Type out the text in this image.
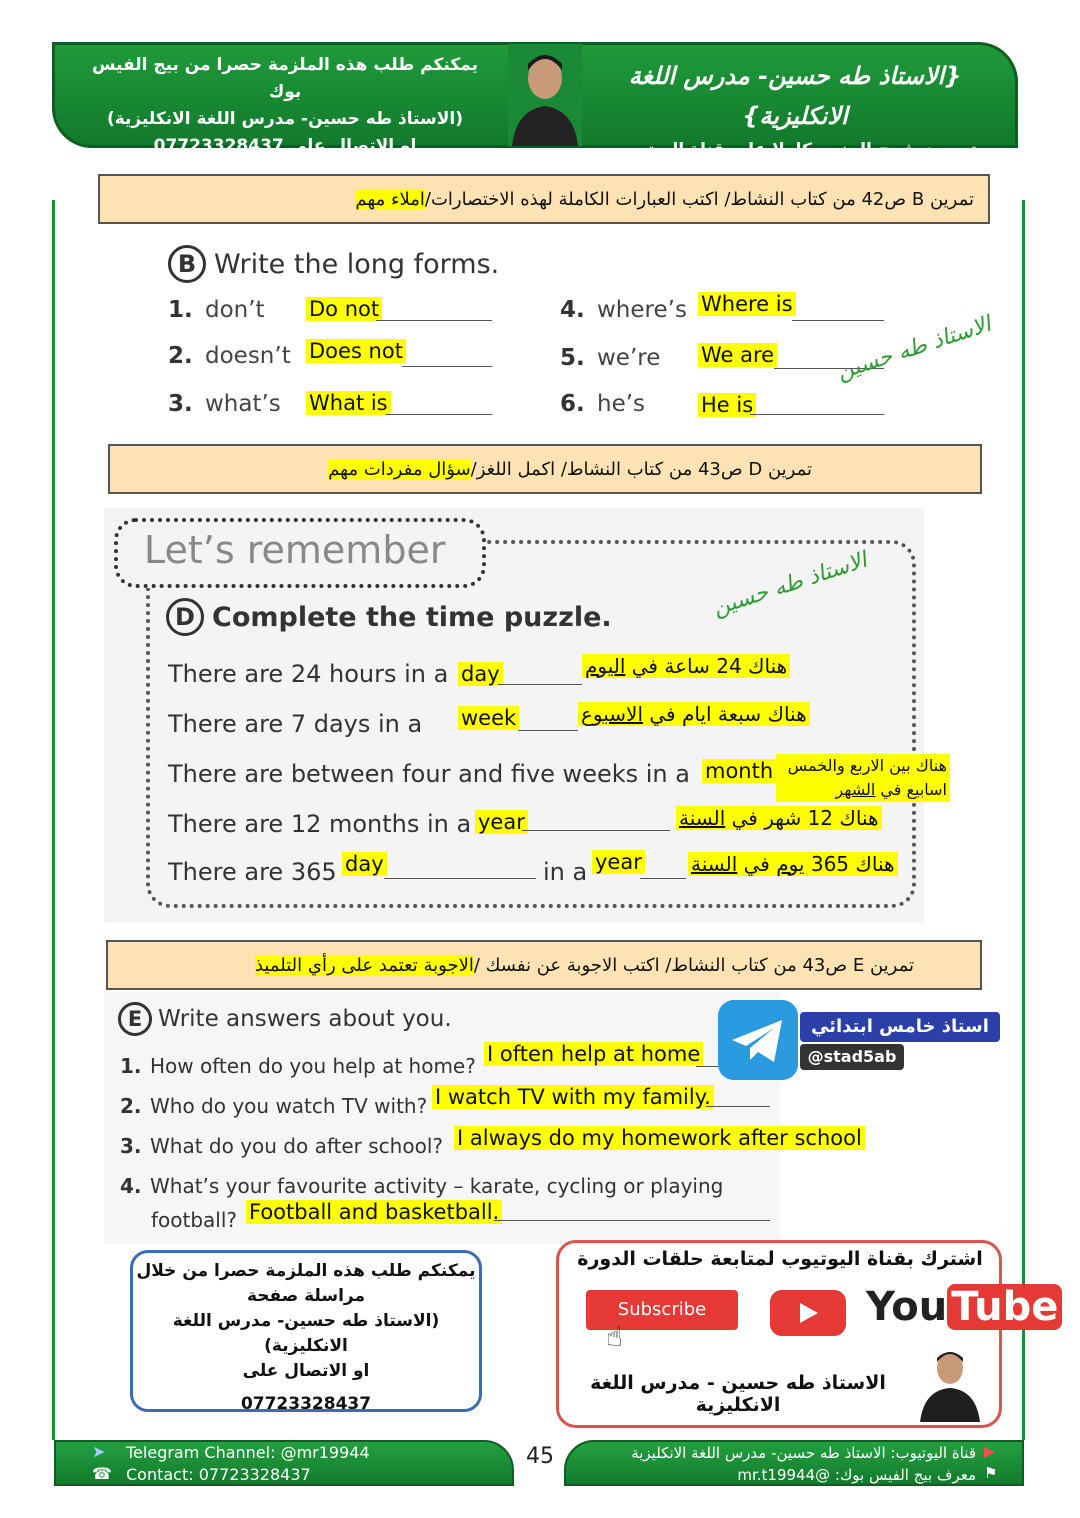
يمكنكم طلب هذه الملزمة حصرا من بيج الفيس بوك
(الاستاذ طه حسين- مدرس اللغة الانكليزية)
او الاتصال على 07723328437
{الاستاذ طه حسين- مدرس اللغة الانكليزية}
تجدون شرح المنهج كاملا على قناة اليوتيوب
تمرين B ص42 من كتاب النشاط/ اكتب العبارات الكاملة لهذه الاختصارات/
املاء مهم
B Write the long forms.
1. don’t Do not
2. doesn’t Does not
3. what’s What is
4. where’s Where is
5. we’re We are
6. he’s	He is
الاستاذ طه حسين
تمرين D ص43 من كتاب النشاط/ اكمل اللغز/
سؤال مفردات مهم
Let’s remember
D Complete the time puzzle.	الاستاذ طه حسين
There are 24 hours in a day	هناك 24 ساعة في اليوم
There are 7 days in a week	هناك سبعة ايام في الاسبوع
There are between four and five weeks in a month هناك بين الاربع والخمس اسابيع في الشهر
There are 12 months in a year	هناك 12 شهر في السنة
There are 365 day	in a year	هناك 365 يوم في السنة
تمرين E ص43 من كتاب النشاط/ اكتب الاجوبة عن نفسك /
الاجوبة تعتمد على رأي التلميذ
E Write answers about you.
1. How often do you help at home? I often help at home
2. Who do you watch TV with? I watch TV with my family.
3. What do you do after school? I always do my homework after school
4. What’s your favourite activity – karate, cycling or playing
football? Football and basketball.
استاذ خامس ابتدائي
@stad5ab
يمكنكم طلب هذه الملزمة حصرا من خلال
مراسلة صفحة
(الاستاذ طه حسين- مدرس اللغة الانكليزية)
او الاتصال على
07723328437
اشترك بقناة اليوتيوب لمتابعة حلقات الدورة
Subscribe
☝
You Tube
الاستاذ طه حسين - مدرس اللغة الانكليزية
➤
☎
Telegram Channel: @mr19944
Contact: 07723328437
45	قناة اليوتيوب: الاستاذ طه حسين- مدرس اللغة الانكليزية
معرف بيج الفيس بوك: @mr.t19944
▶
⚑
